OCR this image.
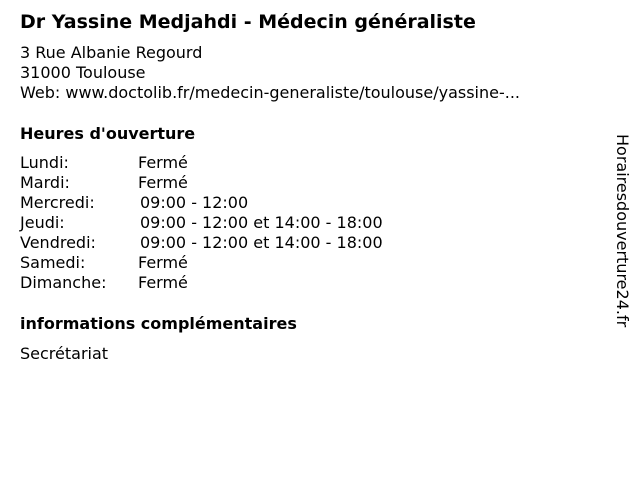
Dr Yassine Medjahdi - Médecin généraliste
3 Rue Albanie Regourd
31000 Toulouse
Web: www.doctolib.fr/medecin-generaliste/toulouse/yassine-...
Heures d'ouverture
Lundi:	Fermé
Mardi:	Fermé
Mercredi:	09:00 - 12:00
Jeudi:	09:00 - 12:00 et 14:00 - 18:00
Vendredi:	09:00 - 12:00 et 14:00 - 18:00
Samedi:	Fermé
Dimanche: Fermé
informations complémentaires
Secrétariat
Horairesdouverture24.fr
